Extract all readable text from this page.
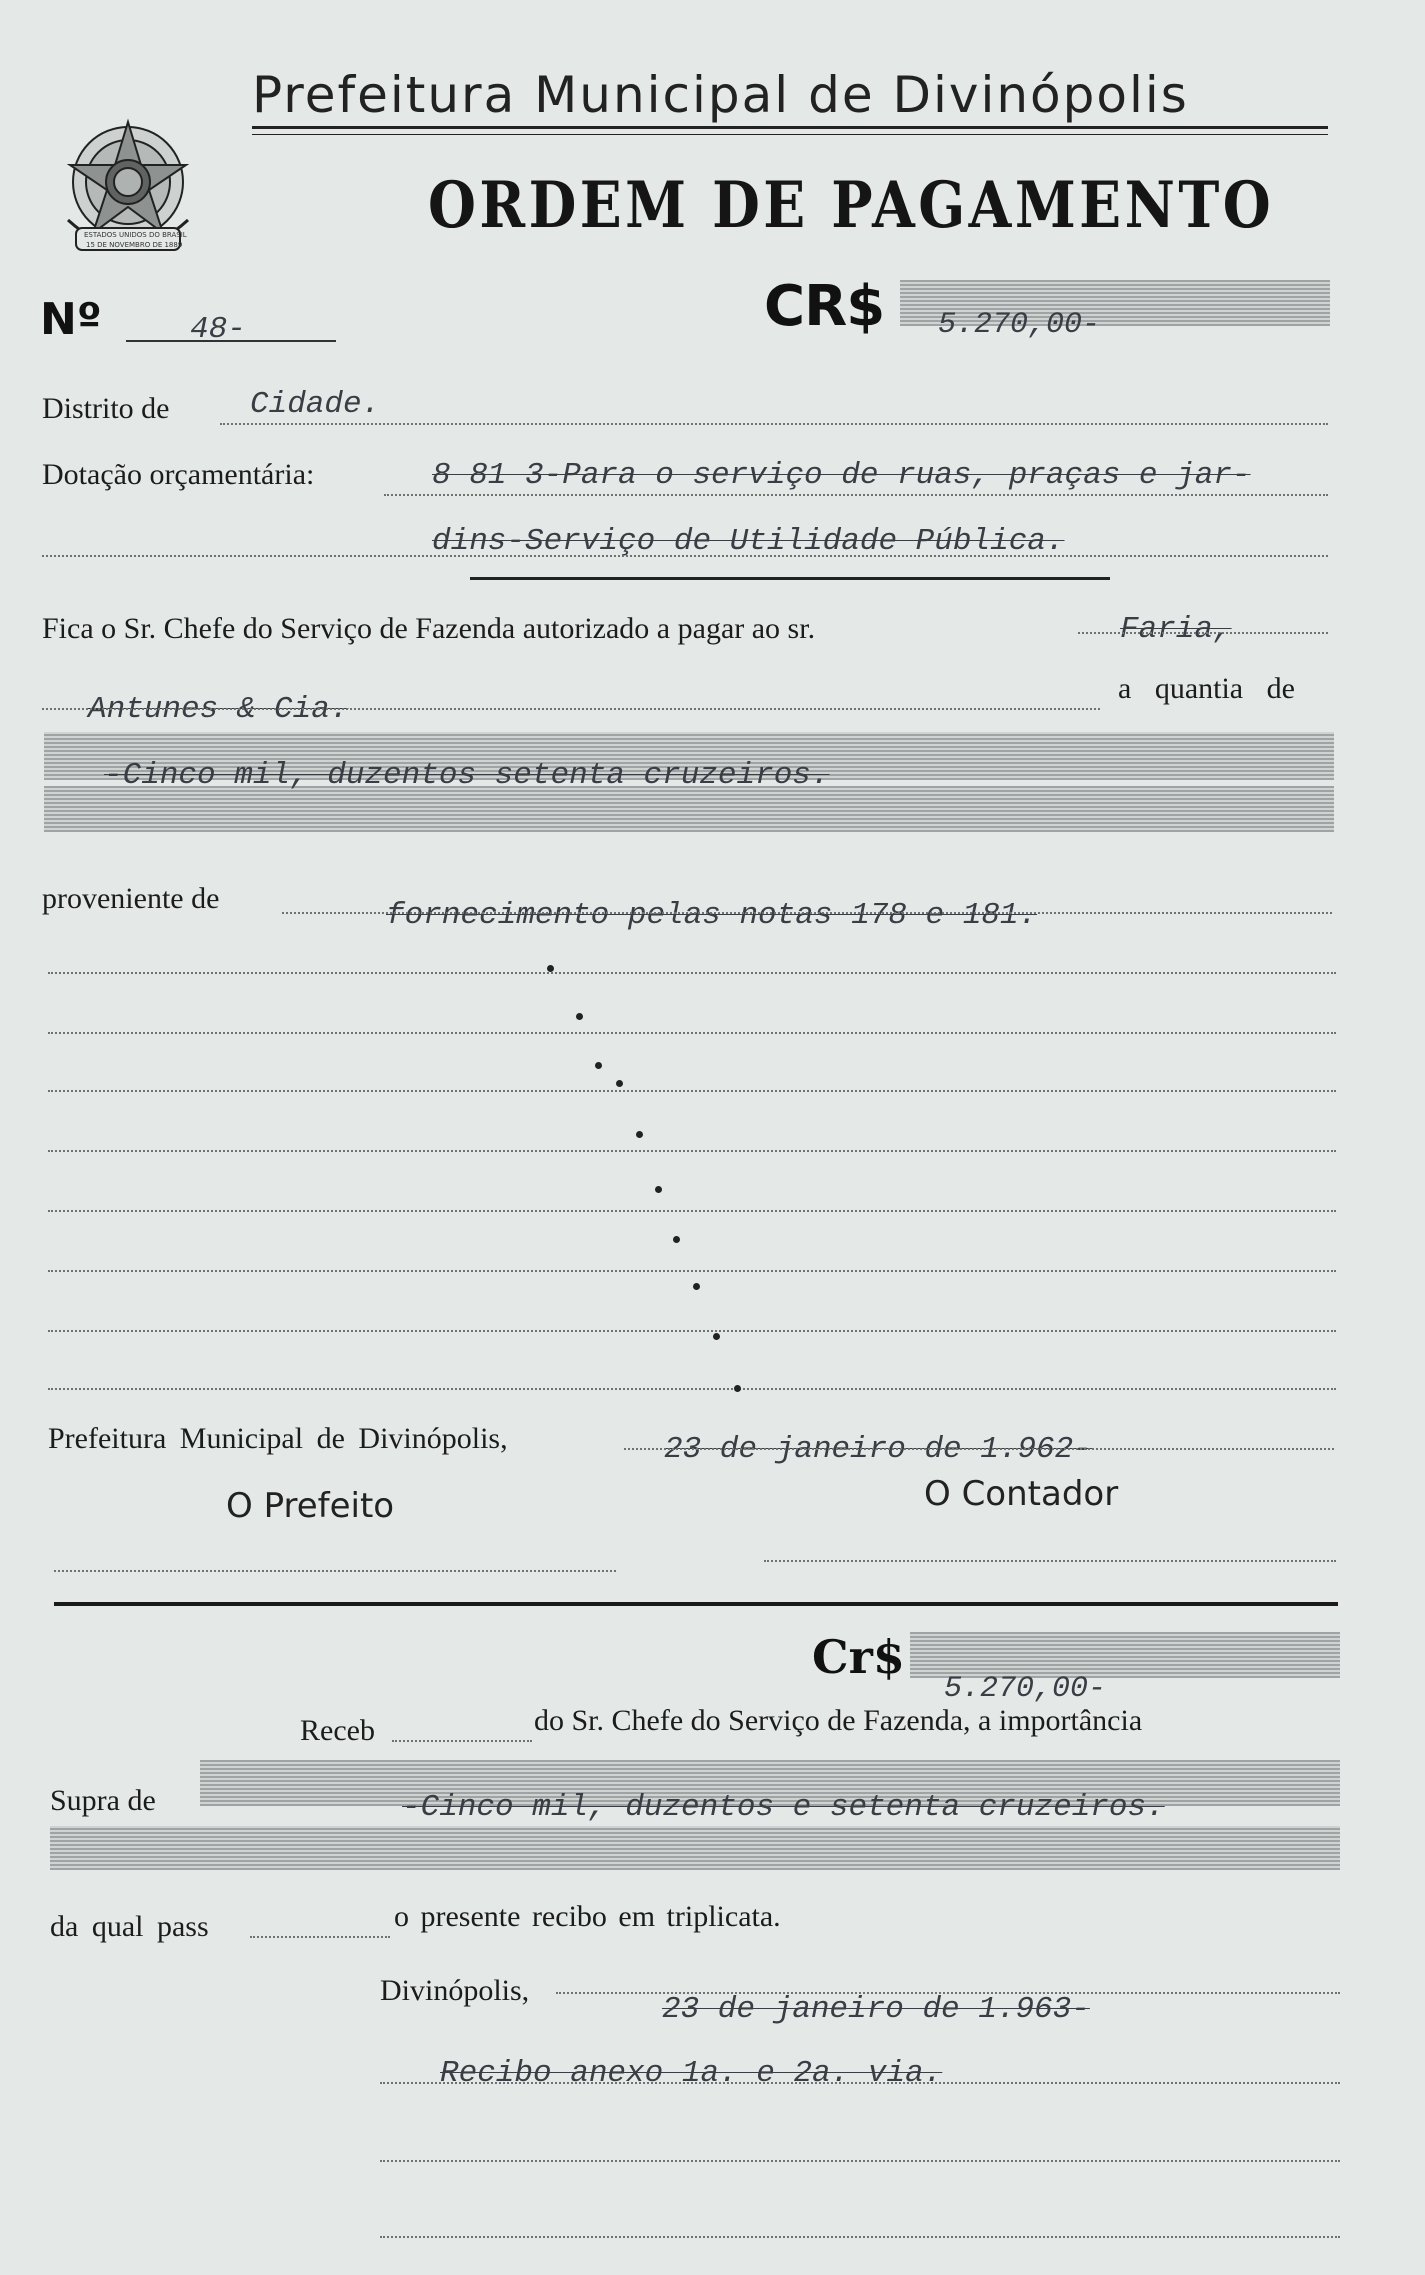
ESTADOS UNIDOS DO BRASIL
15 DE NOVEMBRO DE 1889
Prefeitura Municipal de Divinópolis
ORDEM DE PAGAMENTO
Nº	48-	CR$ 5.270,00-
Distrito de	Cidade.
Dotação orçamentária:	8 81 3-Para o serviço de ruas, praças e jar-
dins-Serviço de Utilidade Pública.
Fica o Sr. Chefe do Serviço de Fazenda autorizado a pagar ao sr.	Faria,
Antunes & Cia.
a quantia de
-Cinco mil, duzentos setenta cruzeiros.
proveniente de	fornecimento pelas notas 178 e 181.
Prefeitura Municipal de Divinópolis,	23 de janeiro de 1.962-
O Prefeito	O Contador
Cr$
5.270,00-
Receb	do Sr. Chefe do Serviço de Fazenda, a importância
Supra de	-Cinco mil, duzentos e setenta cruzeiros.
da qual pass	o presente recibo em triplicata.
Divinópolis,
23 de janeiro de 1.963-
Recibo anexo 1a. e 2a. via.
